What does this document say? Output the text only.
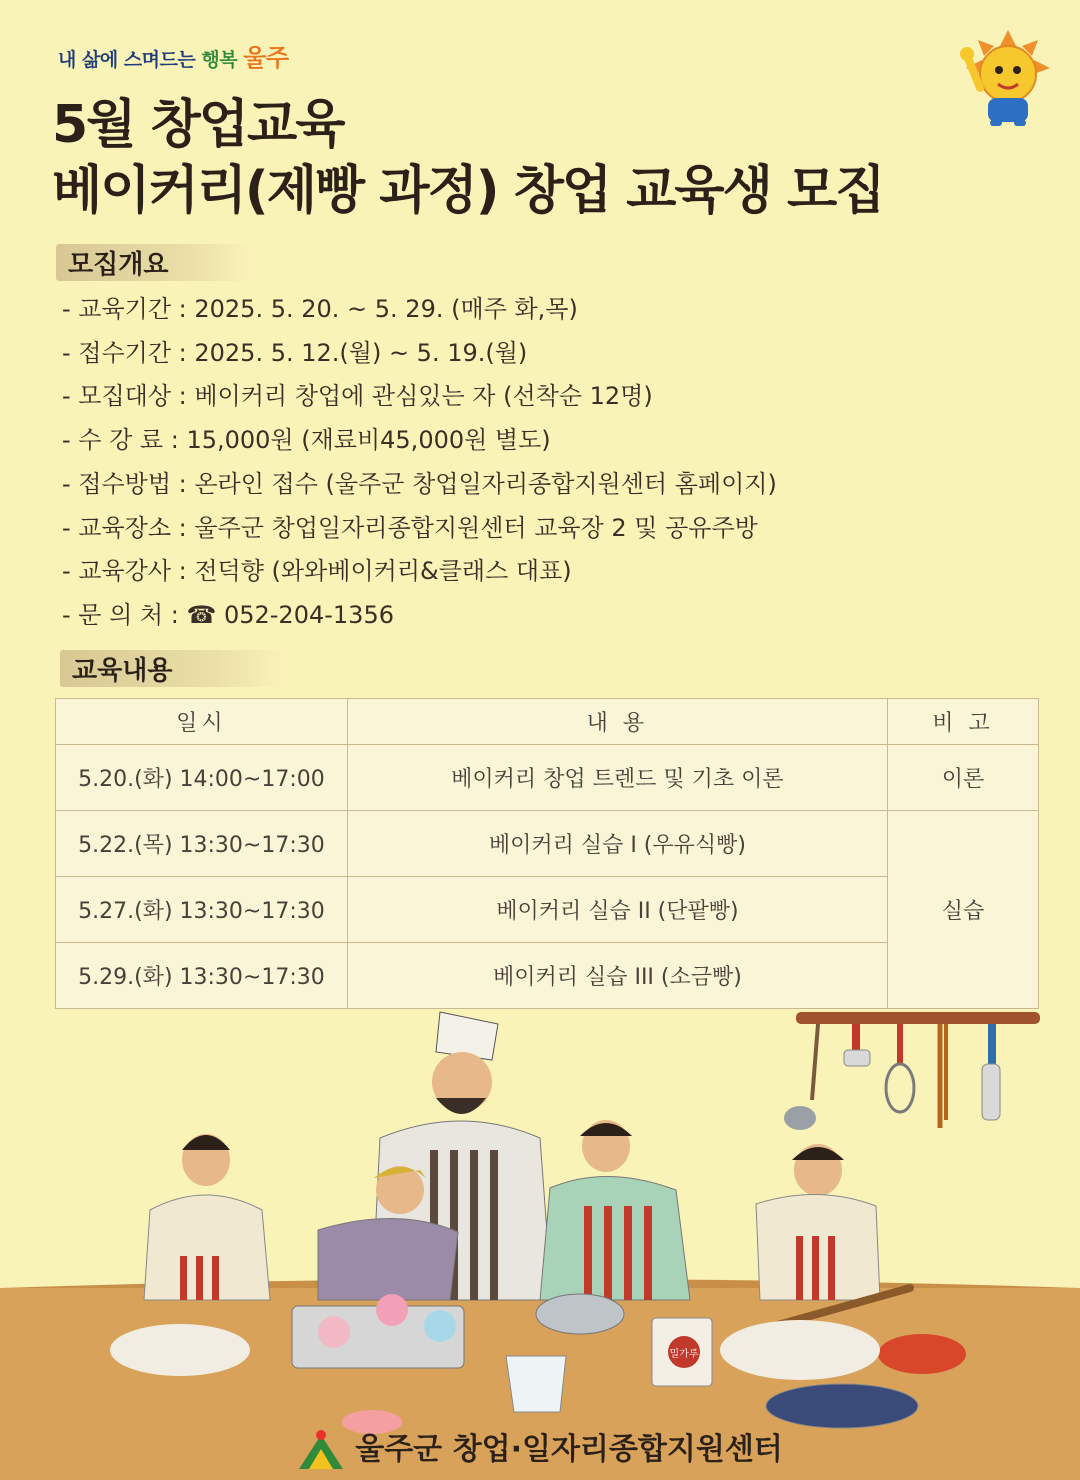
내 삶에 스며드는 행복 울주
5월 창업교육
베이커리(제빵 과정) 창업 교육생 모집
모집개요
- 교육기간 : 2025. 5. 20. ~ 5. 29. (매주 화,목)
- 접수기간 : 2025. 5. 12.(월) ~ 5. 19.(월)
- 모집대상 : 베이커리 창업에 관심있는 자 (선착순 12명)
- 수 강 료 : 15,000원 (재료비45,000원 별도)
- 접수방법 : 온라인 접수 (울주군 창업일자리종합지원센터 홈페이지)
- 교육장소 : 울주군 창업일자리종합지원센터 교육장 2 및 공유주방
- 교육강사 : 전덕향 (와와베이커리&클래스 대표)
- 문 의 처 : ☎ 052-204-1356
교육내용
일시	내 용	비 고
5.20.(화) 14:00~17:00	베이커리 창업 트렌드 및 기초 이론	이론
5.22.(목) 13:30~17:30	베이커리 실습 I (우유식빵)	실습
5.27.(화) 13:30~17:30	베이커리 실습 II (단팥빵)	
5.29.(화) 13:30~17:30	베이커리 실습 III (소금빵)	
밀가루
울주군 창업·일자리종합지원센터
